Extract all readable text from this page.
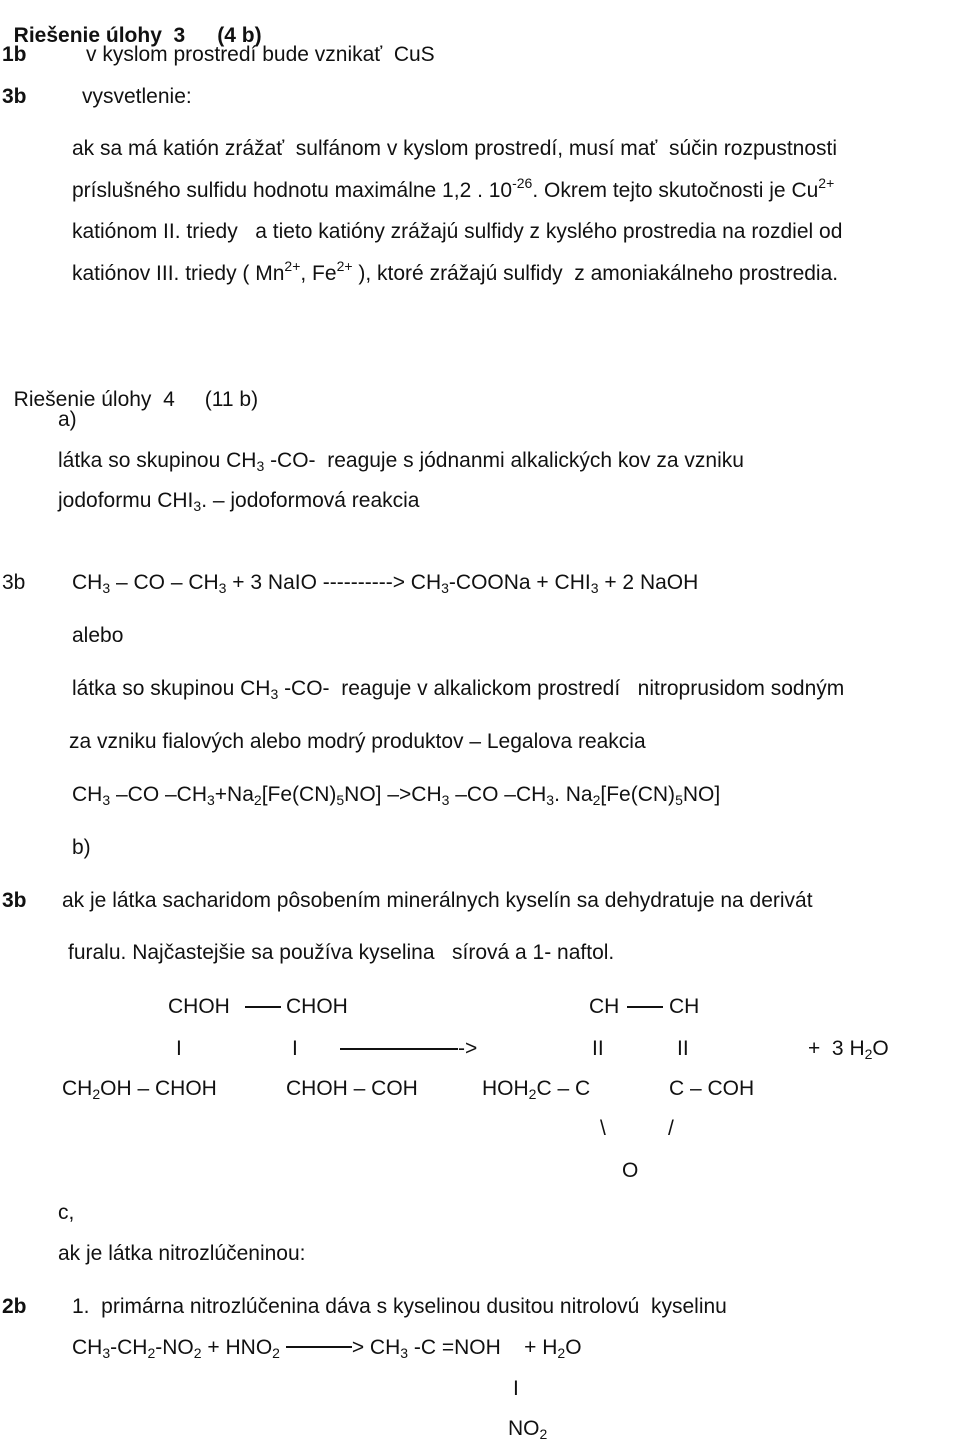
Riešenie úlohy  3 (4 b)

1b	v kyslom prostredí bude vznikať  CuS
3b	vysvetlenie:
ak sa má katión zrážať  sulfánom v kyslom prostredí, musí mať  súčin rozpustnosti
príslušného sulfidu hodnotu maximálne 1,2 . $10^{-26}$. Okrem tejto skutočnosti je $Cu^{2+}$
katiónom II. triedy   a tieto katióny zrážajú sulfidy z kyslého prostredia na rozdiel od
katiónov III. triedy ( $Mn^{2+}$, $Fe^{2+}$ ), ktoré zrážajú sulfidy  z amoniakálneho prostredia.

Riešenie úlohy  4 (11 b)

a)
látka so skupinou $CH_3$ -CO-  reaguje s jódnanmi alkalických kov za vzniku
jodoformu $CHI_3$. – jodoformová reakcia
3b $CH_3$ – CO – $CH_3 + 3$ NaIO ----------> $CH_3$-COONa + $CHI_3 + 2$ NaOH
alebo
látka so skupinou $CH_3$ -CO-  reaguje v alkalickom prostredí   nitroprusidom sodným
za vzniku fialových alebo modrý produktov – Legalova reakcia
$CH_3$ –CO $-CH_3+Na_2[Fe(CN)_5NO]$ $->CH_3$ –CO $-CH_3$. $Na_2[Fe(CN)_5NO]$
b)
3b ak je látka sacharidom pôsobením minerálnych kyselín sa dehydratuje na derivát
furalu. Najčastejšie sa používa kyselina   sírová a 1- naftol.
CHOH	CHOH	CH CH
I	I	->	II	II	+  3 $H_2O$
$CH_2OH$ – CHOH	CHOH – COH	$HOH_2C$ – C	C – COH
\	/
O
c,
ak je látka nitrozlúčeninou:
2b 1.  primárna nitrozlúčenina dáva s kyselinou dusitou nitrolovú  kyselinu
$CH_3-CH_2-NO_2 + HNO_2$	> $CH_3$ -C =NOH    + $H_2O$
I
$NO_2$
